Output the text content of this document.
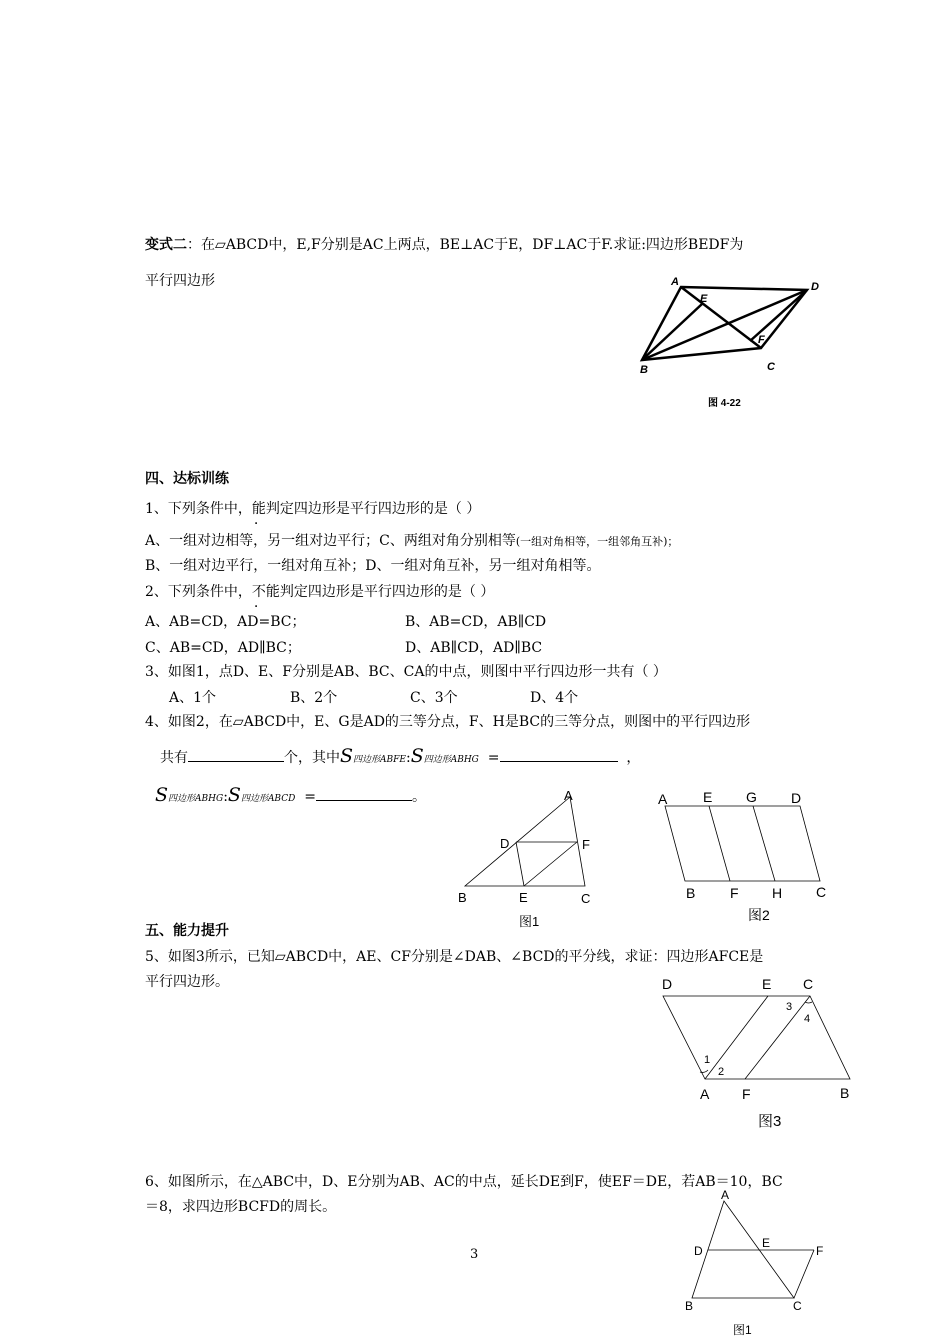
变式二：在▱ABCD中，E,F分别是AC上两点，BE⊥AC于E，DF⊥AC于F.求证:四边形BEDF为
平行四边形	A	D
E
F
B	C
图 4-22
四、达标训练
1、下列条件中，能判定四边形是平行四边形的是（ ）
A、一组对边相等，另一组对边平行；C、两组对角分别相等(一组对角相等，一组邻角互补)；
B、一组对边平行，一组对角互补；D、一组对角互补，另一组对角相等。
2、下列条件中，不能判定四边形是平行四边形的是（ ）
A、AB=CD，AD=BC；	B、AB=CD，AB∥CD
C、AB=CD，AD∥BC；	D、AB∥CD，AD∥BC
3、如图1，点D、E、F分别是AB、BC、CA的中点，则图中平行四边形一共有（ ）
A、1个	B、2个	C、3个	D、4个
4、如图2，在▱ABCD中，E、G是AD的三等分点，F、H是BC的三等分点，则图中的平行四边形
共有	个，其中S四边形ABFE:S四边形ABHG =	，
S四边形ABHG:S四边形ABCD =	。	A
D	F
B	E	C
图1
A	E G D
B F H C
图2
五、能力提升
5、如图3所示，已知▱ABCD中，AE、CF分别是∠DAB、∠BCD的平分线，求证：四边形AFCE是
平行四边形。	D	E C
A F	B
图3
1
2
3
4
6、如图所示，在△ABC中，D、E分别为AB、AC的中点，延长DE到F，使EF＝DE，若AB＝10，BC
＝8，求四边形BCFD的周长。
A
D
E
F
B	C
图1
3
